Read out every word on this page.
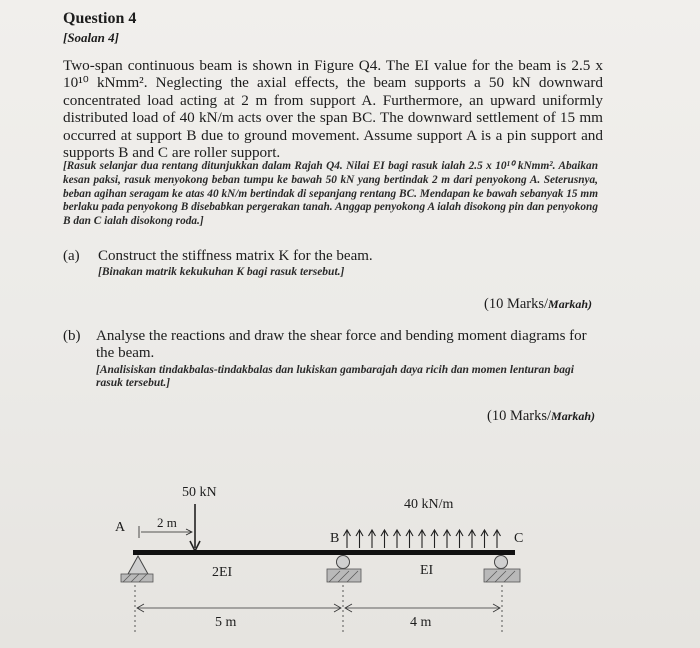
Question 4
[Soalan 4]
Two-span continuous beam is shown in Figure Q4. The EI value for the beam is 2.5 x 10¹⁰ kNmm². Neglecting the axial effects, the beam supports a 50 kN downward concentrated load acting at 2 m from support A. Furthermore, an upward uniformly distributed load of 40 kN/m acts over the span BC. The downward settlement of 15 mm occurred at support B due to ground movement. Assume support A is a pin support and supports B and C are roller support.
[Rasuk selanjar dua rentang ditunjukkan dalam Rajah Q4. Nilai EI bagi rasuk ialah 2.5 x 10¹⁰ kNmm². Abaikan kesan paksi, rasuk menyokong beban tumpu ke bawah 50 kN yang bertindak 2 m dari penyokong A. Seterusnya, beban agihan seragam ke atas 40 kN/m bertindak di sepanjang rentang BC. Mendapan ke bawah sebanyak 15 mm berlaku pada penyokong B disebabkan pergerakan tanah. Anggap penyokong A ialah disokong pin dan penyokong B dan C ialah disokong roda.]
(a) Construct the stiffness matrix K for the beam.
[Binakan matrik kekukuhan K bagi rasuk tersebut.]
(10 Marks/Markah)
(b) Analyse the reactions and draw the shear force and bending moment diagrams for
the beam.
[Analisiskan tindakbalas-tindakbalas dan lukiskan gambarajah daya ricih dan momen lenturan bagi
rasuk tersebut.]
(10 Marks/Markah)
50 kN
2 m
A
B	C
40 kN/m
2EI	EI
5 m	4 m
